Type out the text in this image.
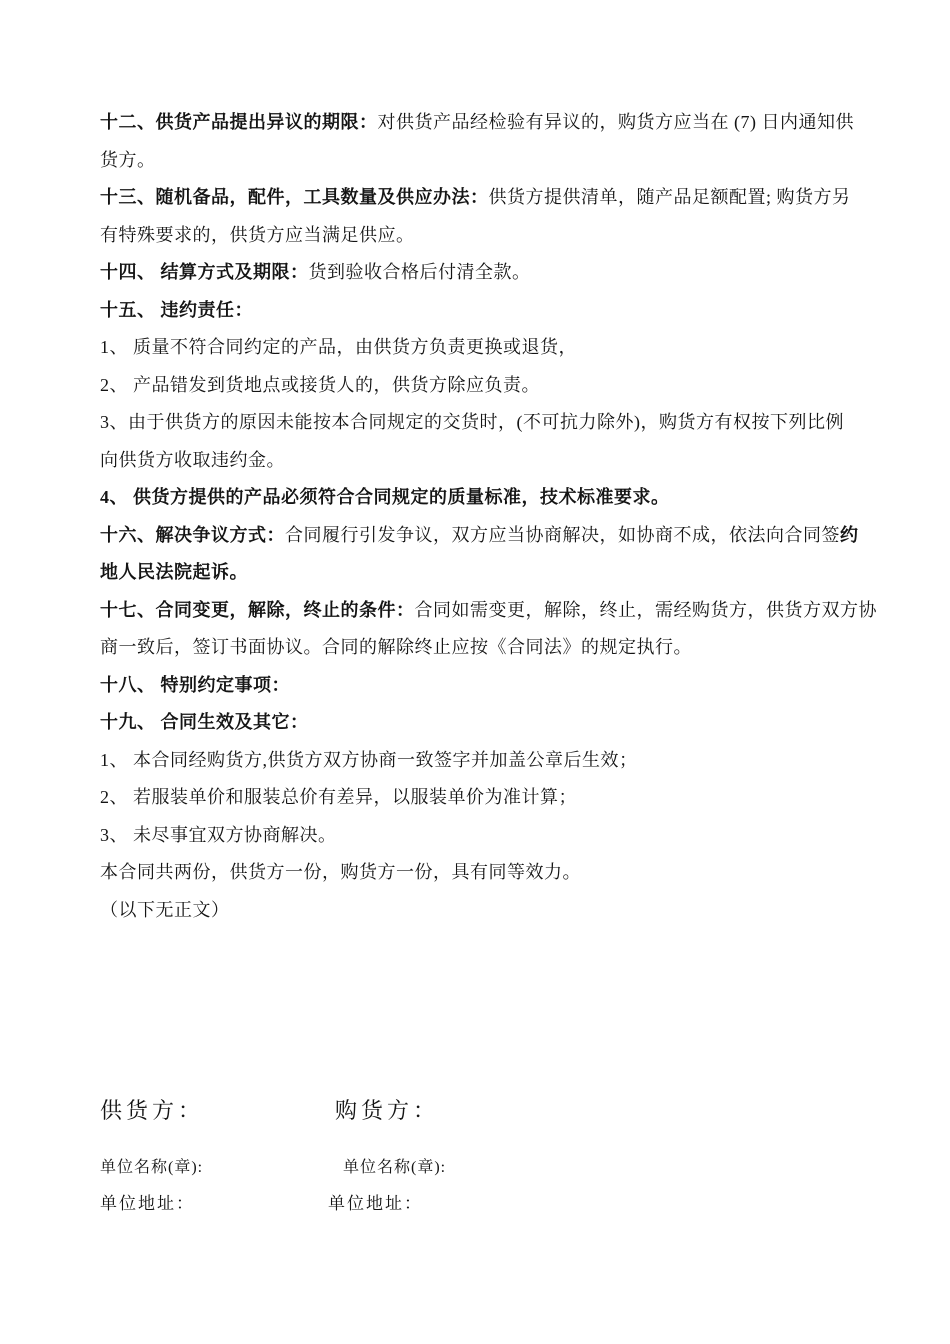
十二、供货产品提出异议的期限：对供货产品经检验有异议的，购货方应当在 (7) 日内通知供

货方。

十三、随机备品，配件，工具数量及供应办法：供货方提供清单，随产品足额配置; 购货方另

有特殊要求的，供货方应当满足供应。

十四、 结算方式及期限：货到验收合格后付清全款。

十五、 违约责任：

1、 质量不符合同约定的产品，由供货方负责更换或退货，

2、 产品错发到货地点或接货人的，供货方除应负责。

3、由于供货方的原因未能按本合同规定的交货时，(不可抗力除外)，购货方有权按下列比例

向供货方收取违约金。

4、 供货方提供的产品必须符合合同规定的质量标准，技术标准要求。

十六、解决争议方式：合同履行引发争议，双方应当协商解决，如协商不成，依法向合同签约

地人民法院起诉。

十七、合同变更，解除，终止的条件：合同如需变更，解除，终止，需经购货方，供货方双方协

商一致后，签订书面协议。合同的解除终止应按《合同法》的规定执行。

十八、 特别约定事项：

十九、 合同生效及其它：

1、 本合同经购货方,供货方双方协商一致签字并加盖公章后生效；

2、 若服装单价和服装总价有差异，以服装单价为准计算；

3、 未尽事宜双方协商解决。

本合同共两份，供货方一份，购货方一份，具有同等效力。

（以下无正文）

供货方：	购货方：
单位名称(章):	单位名称(章):
单位地址：	单位地址：
